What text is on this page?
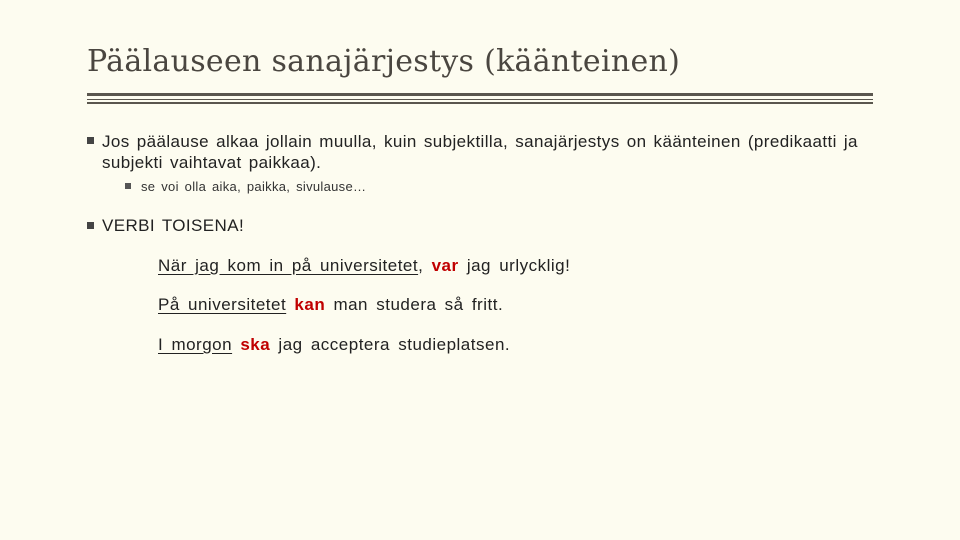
Päälauseen sanajärjestys (käänteinen)
Jos päälause alkaa jollain muulla, kuin subjektilla, sanajärjestys on käänteinen (predikaatti ja subjekti vaihtavat paikkaa).
se voi olla aika, paikka, sivulause…
VERBI TOISENA!
När jag kom in på universitetet, var jag urlycklig!
På universitetet kan man studera så fritt.
I morgon ska jag acceptera studieplatsen.
